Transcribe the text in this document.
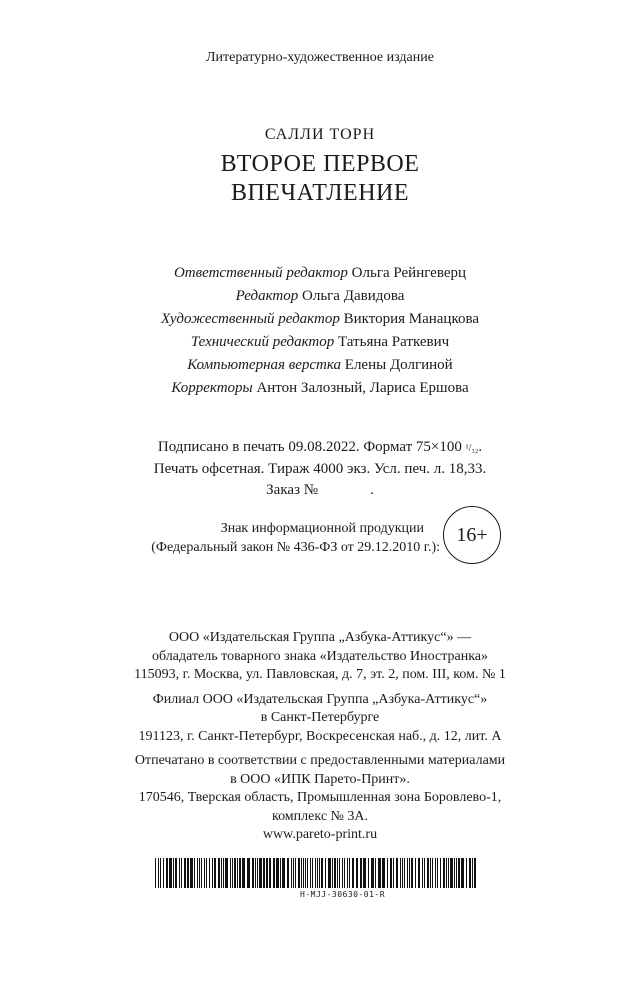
Литературно-художественное издание
САЛЛИ ТОРН
ВТОРОЕ ПЕРВОЕ
ВПЕЧАТЛЕНИЕ
Ответственный редактор Ольга Рейнгеверц
Редактор Ольга Давидова
Художественный редактор Виктория Манацкова
Технический редактор Татьяна Раткевич
Компьютерная верстка Елены Долгиной
Корректоры Антон Залозный, Лариса Ершова
Подписано в печать 09.08.2022. Формат 75×100 ¹/₃₂.
Печать офсетная. Тираж 4000 экз. Усл. печ. л. 18,33.
Заказ №	.
Знак информационной продукции
(Федеральный закон № 436-ФЗ от 29.12.2010 г.):
16+
ООО «Издательская Группа „Азбука-Аттикус“» —
обладатель товарного знака «Издательство Иностранка»
115093, г. Москва, ул. Павловская, д. 7, эт. 2, пом. III, ком. № 1
Филиал ООО «Издательская Группа „Азбука-Аттикус“»
в Санкт-Петербурге
191123, г. Санкт-Петербург, Воскресенская наб., д. 12, лит. А
Отпечатано в соответствии с предоставленными материалами
в ООО «ИПК Парето-Принт».
170546, Тверская область, Промышленная зона Боровлево-1,
комплекс № 3А.
www.pareto-print.ru
Н-МЈЈ-30630-01-R
